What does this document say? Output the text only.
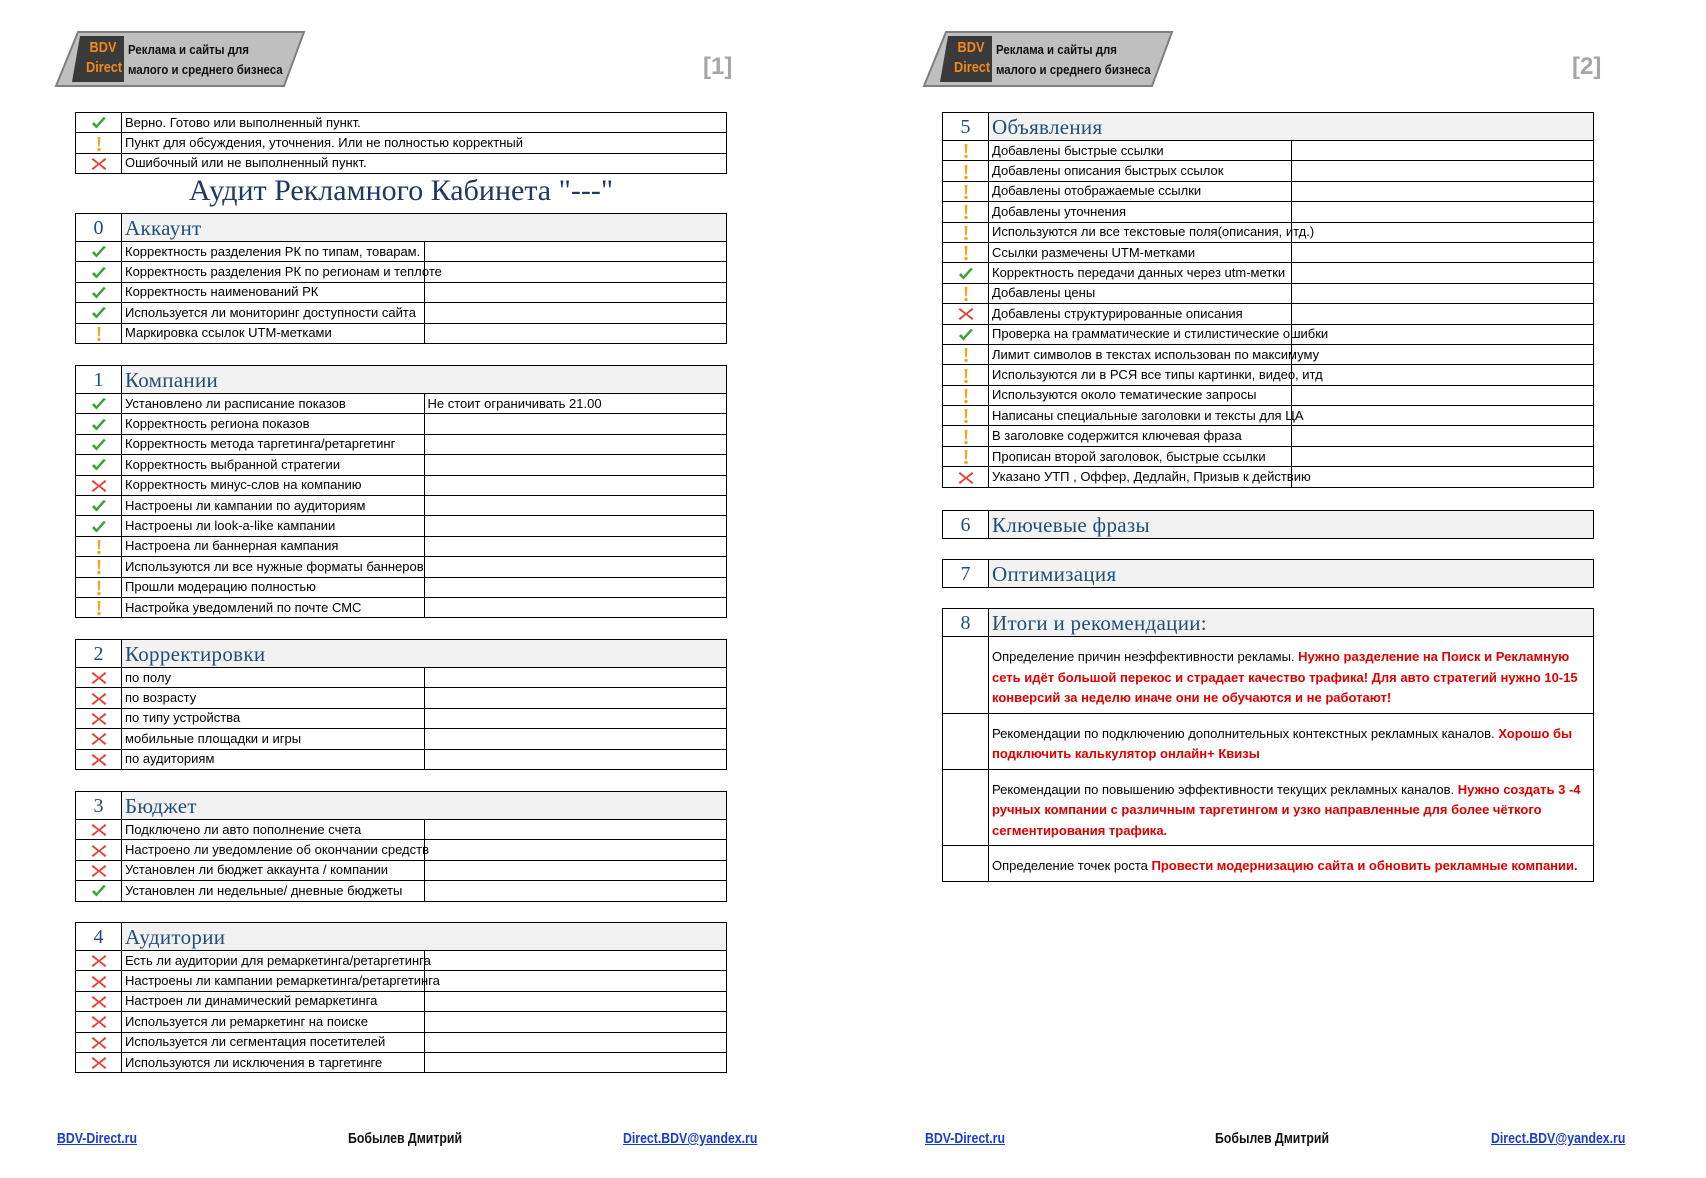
BDV
Direct
Реклама и сайты для
малого и среднего бизнеса	[1]
	Верно. Готово или выполненный пункт.
	Пункт для обсуждения, уточнения. Или не полностью корректный
	Ошибочный или не выполненный пункт.
Аудит Рекламного Кабинета "---"
0	Аккаунт	
	Корректность разделения РК по типам, товарам.	
	Корректность разделения РК по регионам и теплоте	
	Корректность наименований РК	
	Используется ли мониторинг доступности сайта	
	Маркировка ссылок UTM-метками	
1	Компании	
	Установлено ли расписание показов	Не стоит ограничивать 21.00
	Корректность региона показов	
	Корректность метода таргетинга/ретаргетинг	
	Корректность выбранной стратегии	
	Корректность минус-слов на компанию	
	Настроены ли кампании по аудиториям	
	Настроены ли look-a-like кампании	
	Настроена ли баннерная кампания	
	Используются ли все нужные форматы баннеров	
	Прошли модерацию полностью	
	Настройка уведомлений по почте СМС	
2	Корректировки	
	по полу	
	по возрасту	
	по типу устройства	
	мобильные площадки и игры	
	по аудиториям	
3	Бюджет	
	Подключено ли авто пополнение счета	
	Настроено ли уведомление об окончании средств	
	Установлен ли бюджет аккаунта / компании	
	Установлен ли недельные/ дневные бюджеты	
4	Аудитории	
	Есть ли аудитории для ремаркетинга/ретаргетинга	
	Настроены ли кампании ремаркетинга/ретаргетинга	
	Настроен ли динамический ремаркетинга	
	Используется ли ремаркетинг на поиске	
	Используется ли сегментация посетителей	
	Используются ли исключения в таргетинге	
BDV-Direct.ru	Бобылев Дмитрий	Direct.BDV@yandex.ru
BDV
Direct
Реклама и сайты для
малого и среднего бизнеса	[2]
5	Объявления	
	Добавлены быстрые ссылки	
	Добавлены описания быстрых ссылок	
	Добавлены отображаемые ссылки	
	Добавлены уточнения	
	Используются ли все текстовые поля(описания, итд.)	
	Ссылки размечены UTM-метками	
	Корректность передачи данных через utm-метки	
	Добавлены цены	
	Добавлены структурированные описания	
	Проверка на грамматические и стилистические ошибки	
	Лимит символов в текстах использован по максимуму	
	Используются ли в РСЯ все типы картинки, видео, итд	
	Используются около тематические запросы	
	Написаны специальные заголовки и тексты для ЦА	
	В заголовке содержится ключевая фраза	
	Прописан второй заголовок, быстрые ссылки	
	Указано УТП , Оффер, Дедлайн, Призыв к действию	
6	Ключевые фразы
7	Оптимизация
8	Итоги и рекомендации:
	Определение причин неэффективности рекламы. Нужно разделение на Поиск и Рекламную сеть идёт большой перекос и страдает качество трафика! Для авто стратегий нужно 10-15 конверсий за неделю иначе они не обучаются и не работают!
	Рекомендации по подключению дополнительных контекстных рекламных каналов. Хорошо бы подключить калькулятор онлайн+ Квизы
	Рекомендации по повышению эффективности текущих рекламных каналов. Нужно создать 3 -4 ручных компании с различным таргетингом и узко направленные для более чёткого сегментирования трафика.
	Определение точек роста Провести модернизацию сайта и обновить рекламные компании.
BDV-Direct.ru	Бобылев Дмитрий	Direct.BDV@yandex.ru
